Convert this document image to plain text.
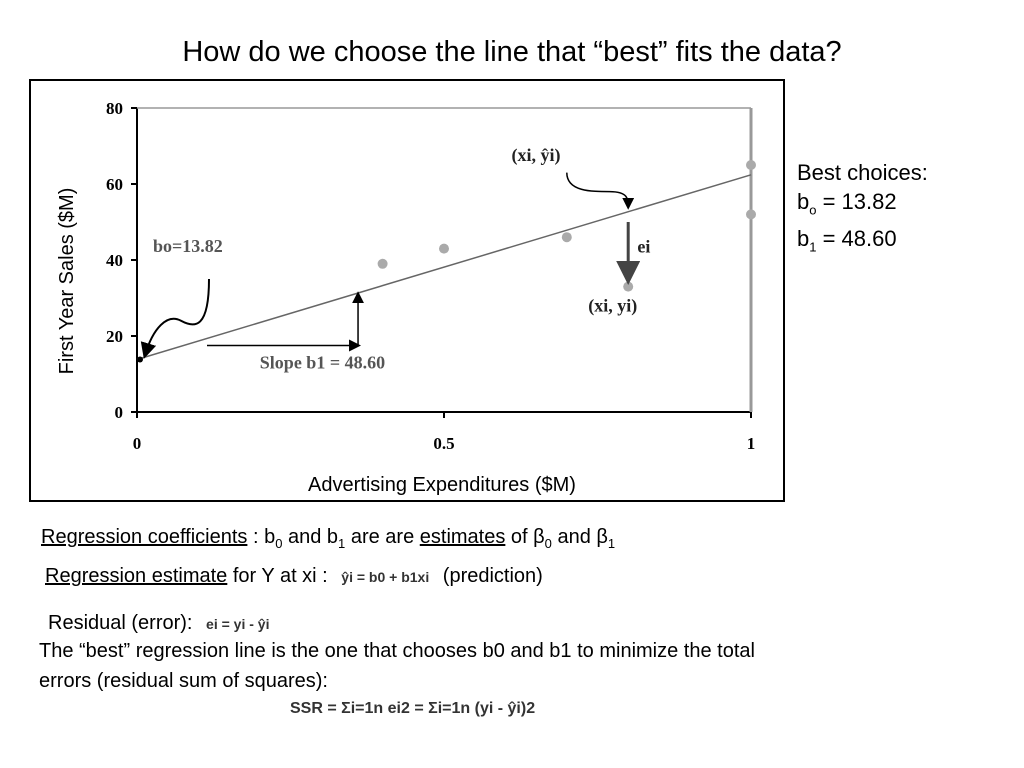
How do we choose the line that “best” fits the data?
0
20
40
60
80
0	0.5	1
bo=13.82
Slope b1 = 48.60
(xi, ŷi)
ei
(xi, yi)
First Year Sales ($M)
Advertising Expenditures ($M)
Best choices:
$b_o = 13.82$
$b_1 = 48.60$
Regression coefficients : $b_0$ and $b_1$ are are estimates of $\beta_0$ and $\beta_1$
Regression estimate for Y at xi : ŷi = b0 + b1xi (prediction)
Residual (error): ei = yi - ŷi
The “best” regression line is the one that chooses b0 and b1 to minimize the total errors (residual sum of squares):
SSR = Σi=1n ei2 = Σi=1n (yi - ŷi)2
